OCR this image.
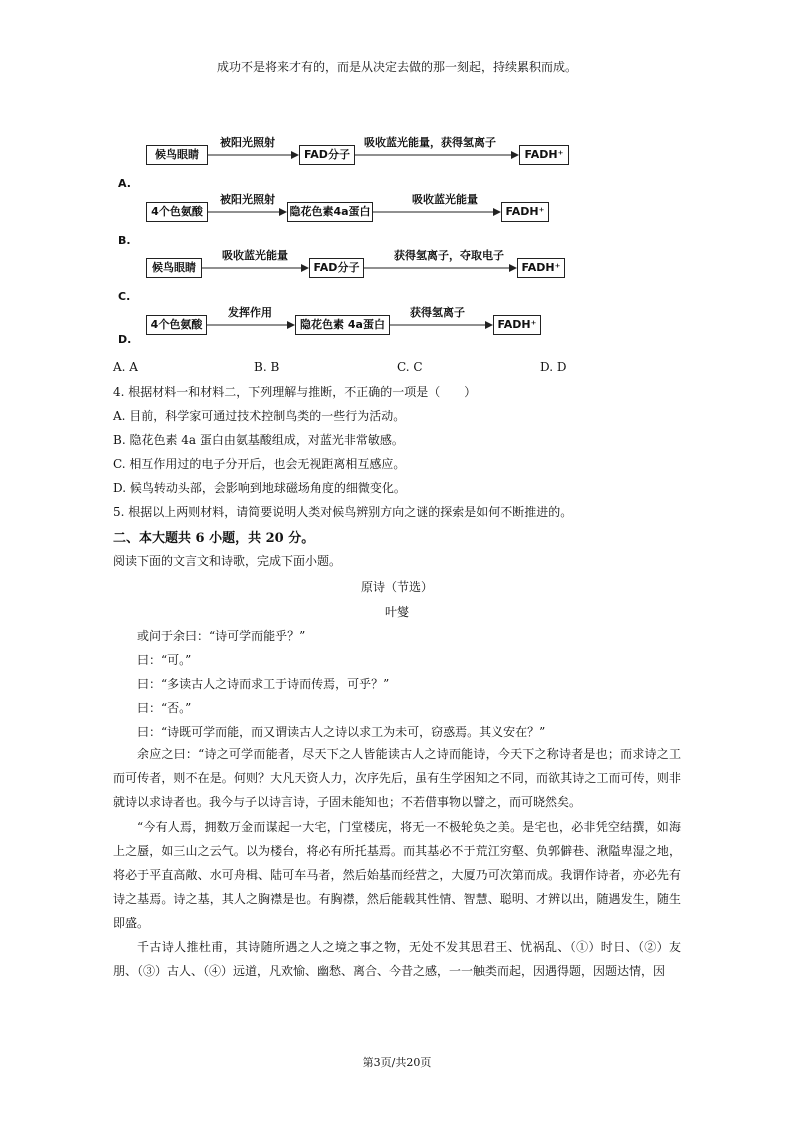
成功不是将来才有的，而是从决定去做的那一刻起，持续累积而成。
被阳光照射	吸收蓝光能量，获得氢离子
候鸟眼睛	FAD分子	FADH⁺
A.
被阳光照射	吸收蓝光能量
4个色氨酸	隐花色素4a蛋白	FADH⁺
B.
吸收蓝光能量	获得氢离子，夺取电子
候鸟眼睛	FAD分子	FADH⁺
C.
发挥作用	获得氢离子
4个色氨酸	隐花色素 4a蛋白	FADH⁺
D.
A. A	B. B	C. C	D. D
4. 根据材料一和材料二，下列理解与推断，不正确的一项是（　　）
A. 目前，科学家可通过技术控制鸟类的一些行为活动。
B. 隐花色素 4a 蛋白由氨基酸组成，对蓝光非常敏感。
C. 相互作用过的电子分开后，也会无视距离相互感应。
D. 候鸟转动头部，会影响到地球磁场角度的细微变化。
5. 根据以上两则材料，请简要说明人类对候鸟辨别方向之谜的探索是如何不断推进的。
二、本大题共 6 小题，共 20 分。
阅读下面的文言文和诗歌，完成下面小题。
原诗（节选）
叶燮
或问于余曰：“诗可学而能乎？”
曰：“可。”
曰：“多读古人之诗而求工于诗而传焉，可乎？”
曰：“否。”
曰：“诗既可学而能，而又谓读古人之诗以求工为未可，窃惑焉。其义安在？”
余应之曰：“诗之可学而能者，尽天下之人皆能读古人之诗而能诗，今天下之称诗者是也；而求诗之工而可传者，则不在是。何则？大凡天资人力，次序先后，虽有生学困知之不同，而欲其诗之工而可传，则非就诗以求诗者也。我今与子以诗言诗，子固未能知也；不若借事物以譬之，而可晓然矣。
“今有人焉，拥数万金而谋起一大宅，门堂楼庑，将无一不极轮奂之美。是宅也，必非凭空结撰，如海上之蜃，如三山之云气。以为楼台，将必有所托基焉。而其基必不于荒江穷壑、负郭僻巷、湫隘卑湿之地，将必于平直高敞、水可舟楫、陆可车马者，然后始基而经营之，大厦乃可次第而成。我谓作诗者，亦必先有诗之基焉。诗之基，其人之胸襟是也。有胸襟，然后能载其性情、智慧、聪明、才辨以出，随遇发生，随生即盛。
千古诗人推杜甫，其诗随所遇之人之境之事之物，无处不发其思君王、忧祸乱、（①）时日、（②）友朋、（③）古人、（④）远道，凡欢愉、幽愁、离合、今昔之感，一一触类而起，因遇得题，因题达情，因
第3页/共20页
